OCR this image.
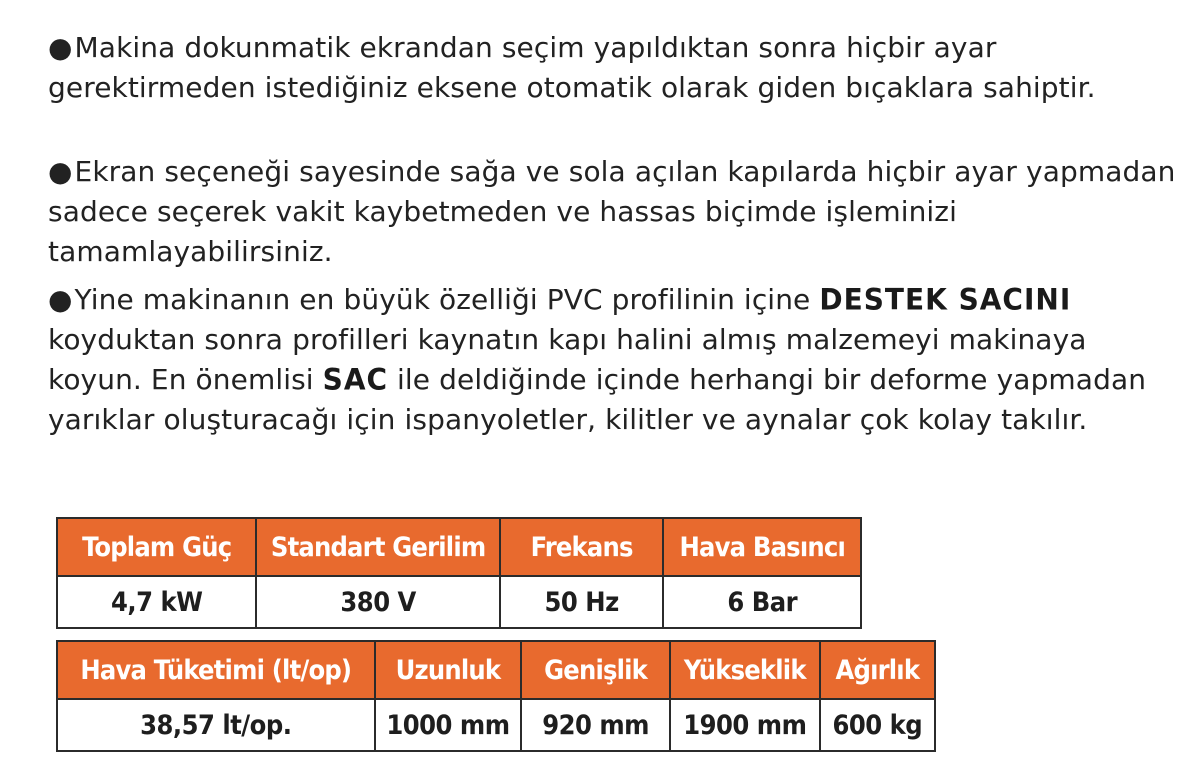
●Makina dokunmatik ekrandan seçim yapıldıktan sonra hiçbir ayar gerektirmeden istediğiniz eksene otomatik olarak giden bıçaklara sahiptir.

●Ekran seçeneği sayesinde sağa ve sola açılan kapılarda hiçbir ayar yapmadan sadece seçerek vakit kaybetmeden ve hassas biçimde işleminizi tamamlayabilirsiniz.

●Yine makinanın en büyük özelliği PVC profilinin içine DESTEK SACINI koyduktan sonra profilleri kaynatın kapı halini almış malzemeyi makinaya koyun. En önemlisi SAC ile deldiğinde içinde herhangi bir deforme yapmadan yarıklar oluşturacağı için ispanyoletler, kilitler ve aynalar çok kolay takılır.

Toplam Güç	Standart Gerilim	Frekans	Hava Basıncı
4,7 kW	380 V	50 Hz	6 Bar
Hava Tüketimi (lt/op)	Uzunluk	Genişlik	Yükseklik	Ağırlık
38,57 lt/op.	1000 mm	920 mm	1900 mm	600 kg
